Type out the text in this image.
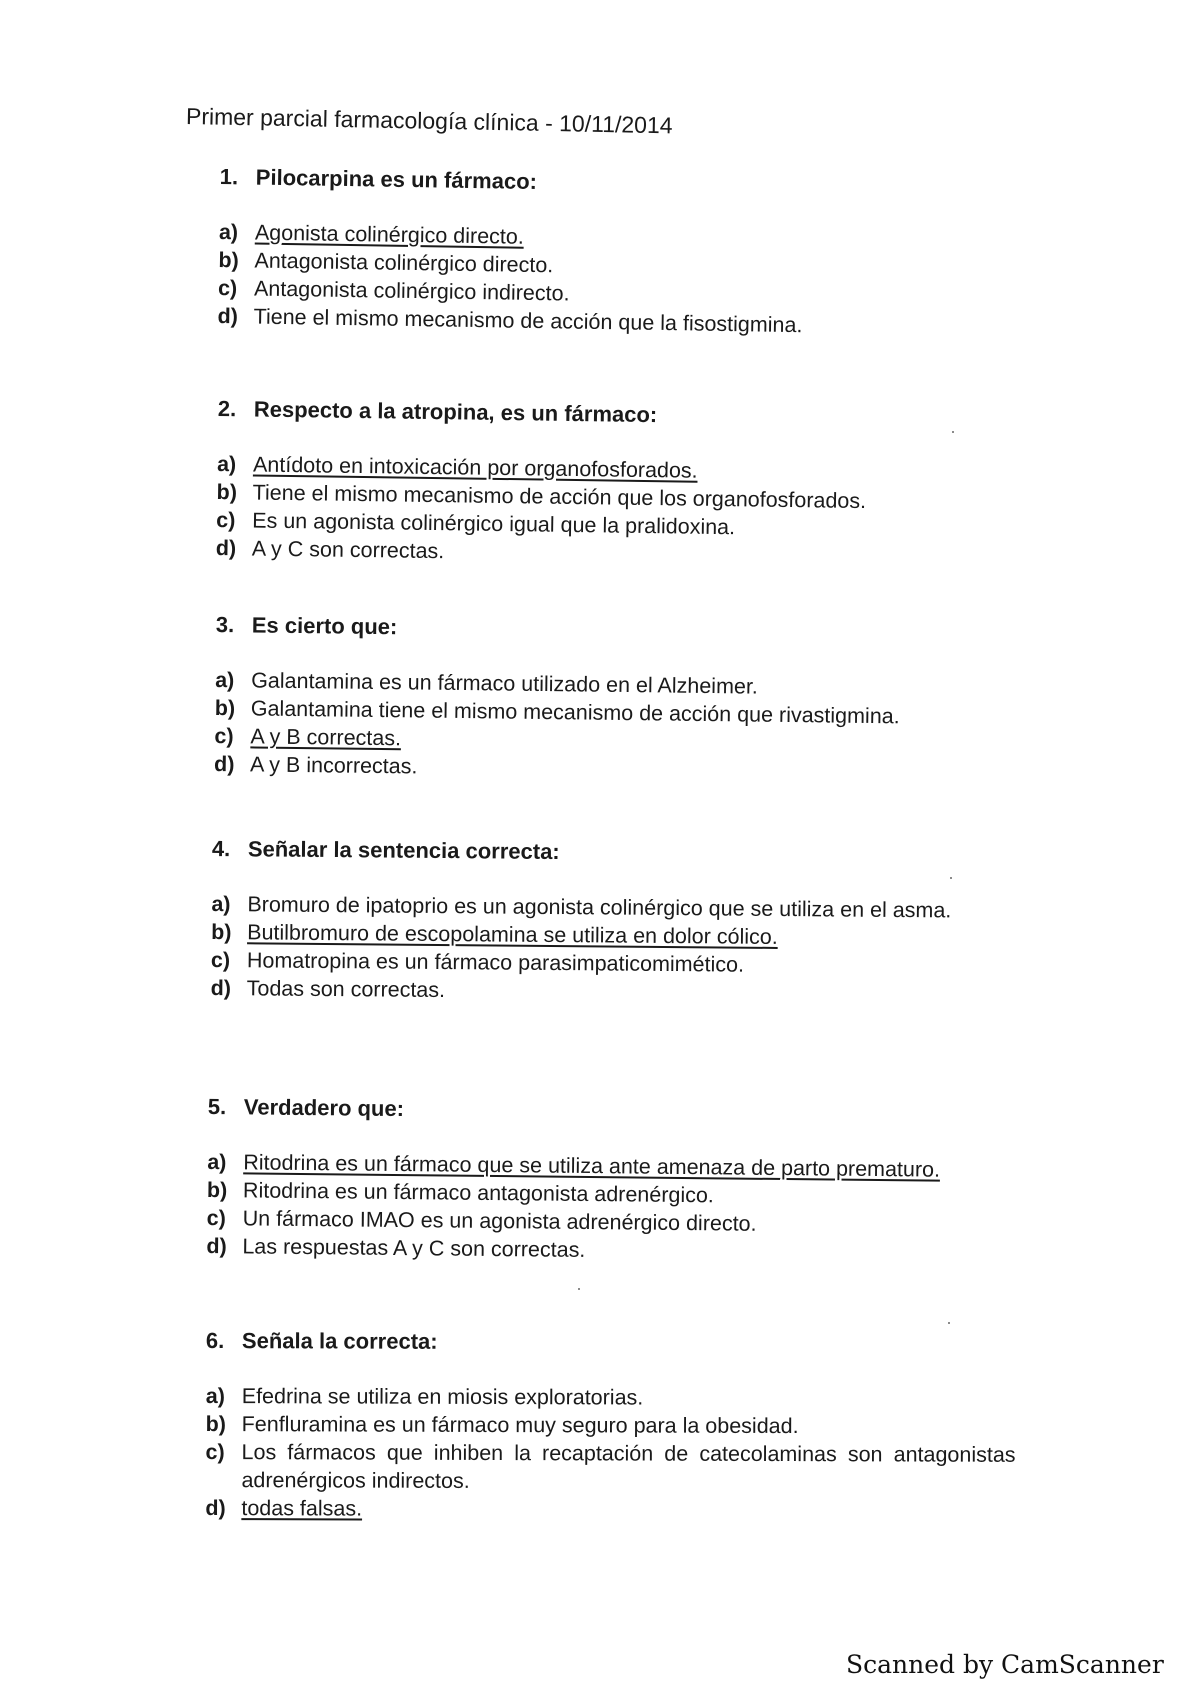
Primer parcial farmacología clínica - 10/11/2014
1. Pilocarpina es un fármaco:
a) Agonista colinérgico directo.
b) Antagonista colinérgico directo.
c) Antagonista colinérgico indirecto.
d) Tiene el mismo mecanismo de acción que la fisostigmina.
2. Respecto a la atropina, es un fármaco:
a) Antídoto en intoxicación por organofosforados.
b) Tiene el mismo mecanismo de acción que los organofosforados.
c) Es un agonista colinérgico igual que la pralidoxina.
d) A y C son correctas.
3. Es cierto que:
a) Galantamina es un fármaco utilizado en el Alzheimer.
b) Galantamina tiene el mismo mecanismo de acción que rivastigmina.
c) A y B correctas.
d) A y B incorrectas.
4. Señalar la sentencia correcta:
a) Bromuro de ipatoprio es un agonista colinérgico que se utiliza en el asma.
b) Butilbromuro de escopolamina se utiliza en dolor cólico.
c) Homatropina es un fármaco parasimpaticomimético.
d) Todas son correctas.
5. Verdadero que:
a) Ritodrina es un fármaco que se utiliza ante amenaza de parto prematuro.
b) Ritodrina es un fármaco antagonista adrenérgico.
c) Un fármaco IMAO es un agonista adrenérgico directo.
d) Las respuestas A y C son correctas.
6. Señala la correcta:
a) Efedrina se utiliza en miosis exploratorias.
b) Fenfluramina es un fármaco muy seguro para la obesidad.
c) Los fármacos que inhiben la recaptación de catecolaminas son antagonistas adrenérgicos indirectos.
d) todas falsas.
Scanned by CamScanner
